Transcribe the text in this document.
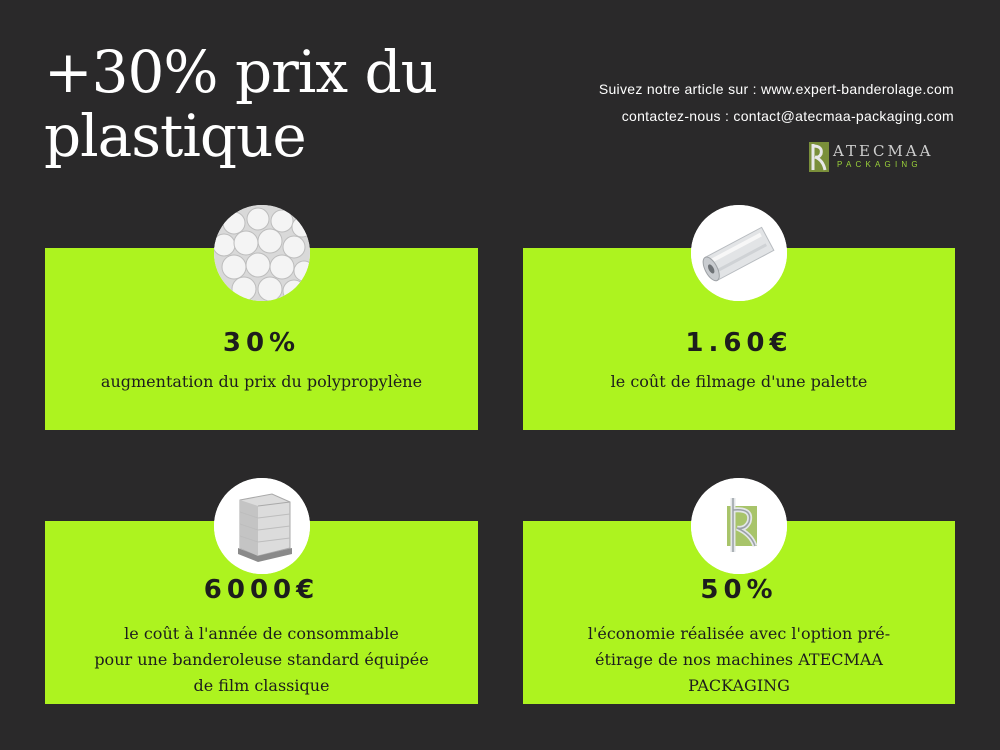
+30% prix du
plastique
Suivez notre article sur : www.expert-banderolage.com
contactez-nous : contact@atecmaa-packaging.com
ATECMAA
PACKAGING
30%
augmentation du prix du polypropylène
1.60€
le coût de filmage d'une palette
6000€
le coût à l'année de consommable
pour une banderoleuse standard équipée
de film classique
50%
l'économie réalisée avec l'option pré-
étirage de nos machines ATECMAA
PACKAGING
